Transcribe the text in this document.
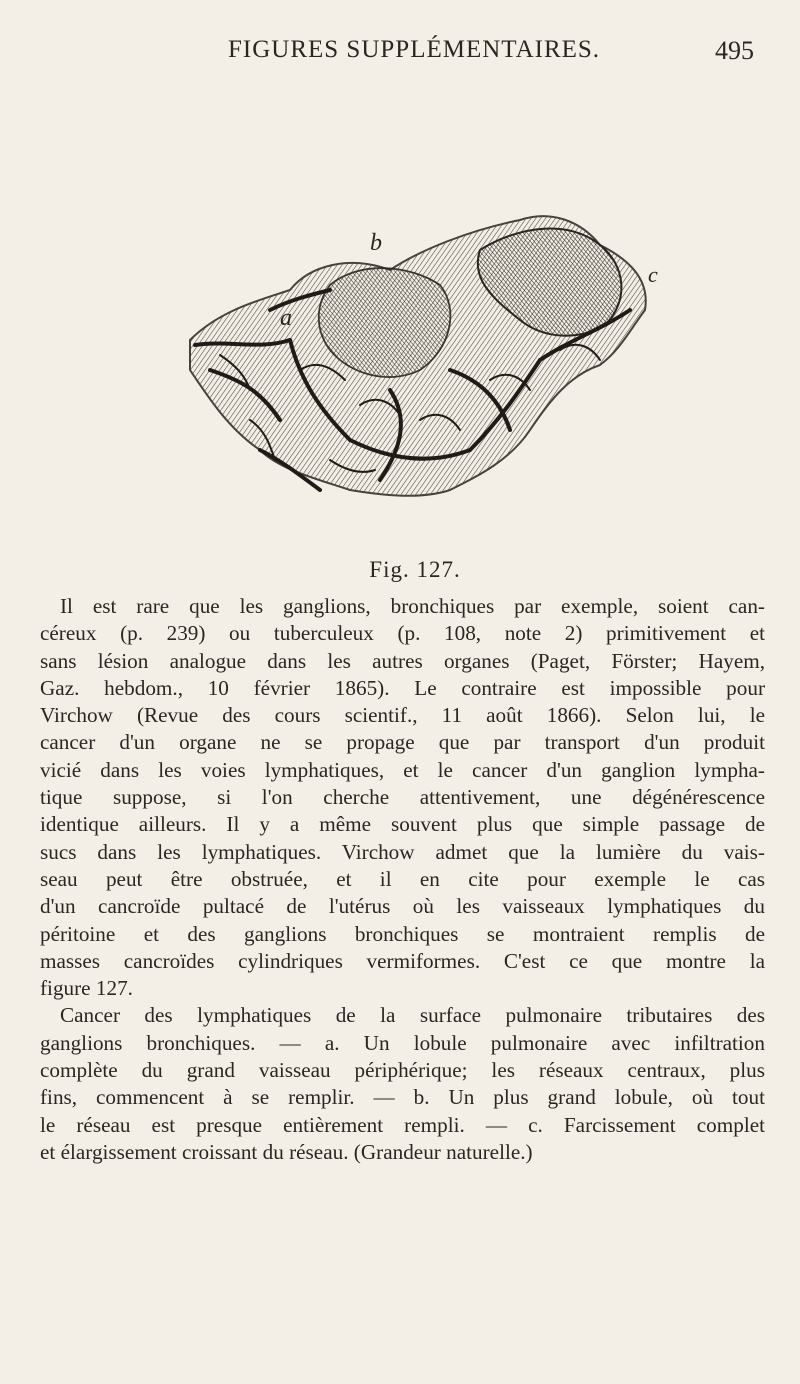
FIGURES SUPPLÉMENTAIRES.	495
a
b
c
Fig. 127.
Il est rare que les ganglions, bronchiques par exemple, soient can-
céreux (p. 239) ou tuberculeux (p. 108, note 2) primitivement et
sans lésion analogue dans les autres organes (Paget, Förster; Hayem,
Gaz. hebdom., 10 février 1865). Le contraire est impossible pour
Virchow (Revue des cours scientif., 11 août 1866). Selon lui, le
cancer d'un organe ne se propage que par transport d'un produit
vicié dans les voies lymphatiques, et le cancer d'un ganglion lympha-
tique suppose, si l'on cherche attentivement, une dégénérescence
identique ailleurs. Il y a même souvent plus que simple passage de
sucs dans les lymphatiques. Virchow admet que la lumière du vais-
seau peut être obstruée, et il en cite pour exemple le cas
d'un cancroïde pultacé de l'utérus où les vaisseaux lymphatiques du
péritoine et des ganglions bronchiques se montraient remplis de
masses cancroïdes cylindriques vermiformes. C'est ce que montre la
figure 127.
Cancer des lymphatiques de la surface pulmonaire tributaires des
ganglions bronchiques. — a. Un lobule pulmonaire avec infiltration
complète du grand vaisseau périphérique; les réseaux centraux, plus
fins, commencent à se remplir. — b. Un plus grand lobule, où tout
le réseau est presque entièrement rempli. — c. Farcissement complet
et élargissement croissant du réseau. (Grandeur naturelle.)
